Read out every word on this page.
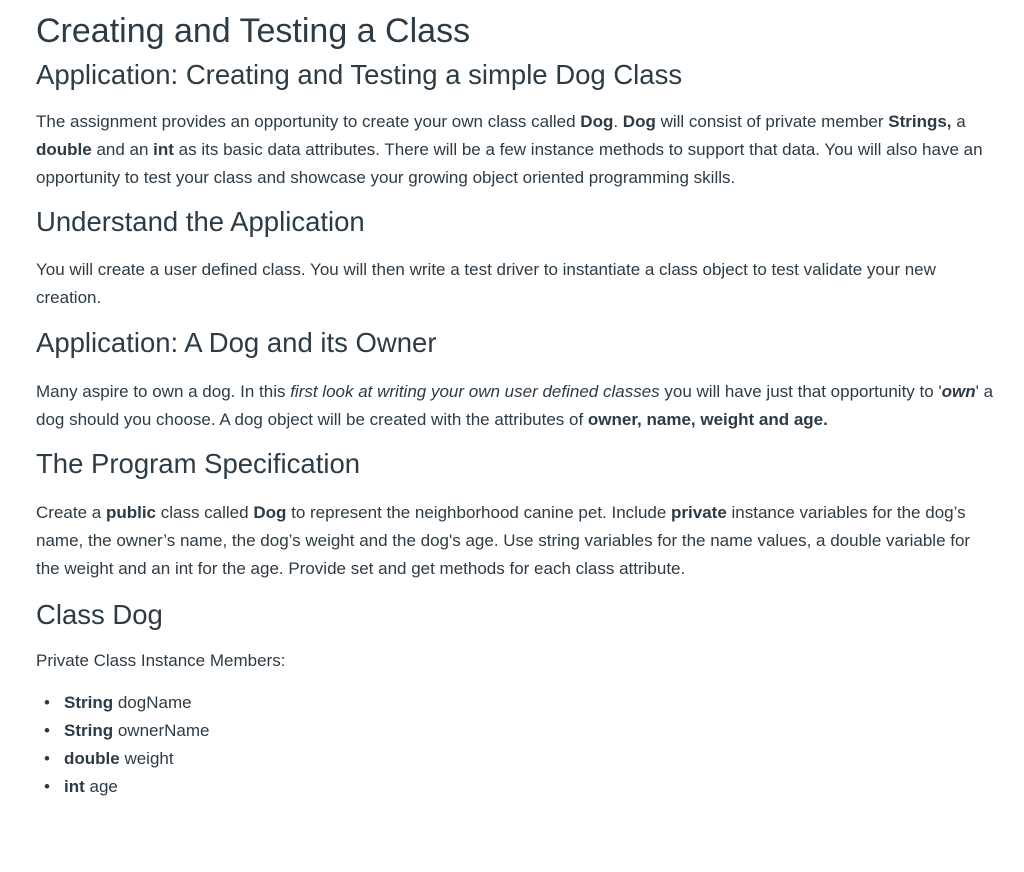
Creating and Testing a Class
Application: Creating and Testing a simple Dog Class

The assignment provides an opportunity to create your own class called Dog. Dog will consist of private member Strings, a double and an int as its basic data attributes. There will be a few instance methods to support that data. You will also have an opportunity to test your class and showcase your growing object oriented programming skills.

Understand the Application

You will create a user defined class. You will then write a test driver to instantiate a class object to test validate your new creation.

Application: A Dog and its Owner

Many aspire to own a dog. In this first look at writing your own user defined classes you will have just that opportunity to 'own' a dog should you choose. A dog object will be created with the attributes of owner, name, weight and age.

The Program Specification

Create a public class called Dog to represent the neighborhood canine pet. Include private instance variables for the dog’s name, the owner’s name, the dog’s weight and the dog's age. Use string variables for the name values, a double variable for the weight and an int for the age. Provide set and get methods for each class attribute.

Class Dog

Private Class Instance Members:

• String dogName
• String ownerName
• double weight
• int age
